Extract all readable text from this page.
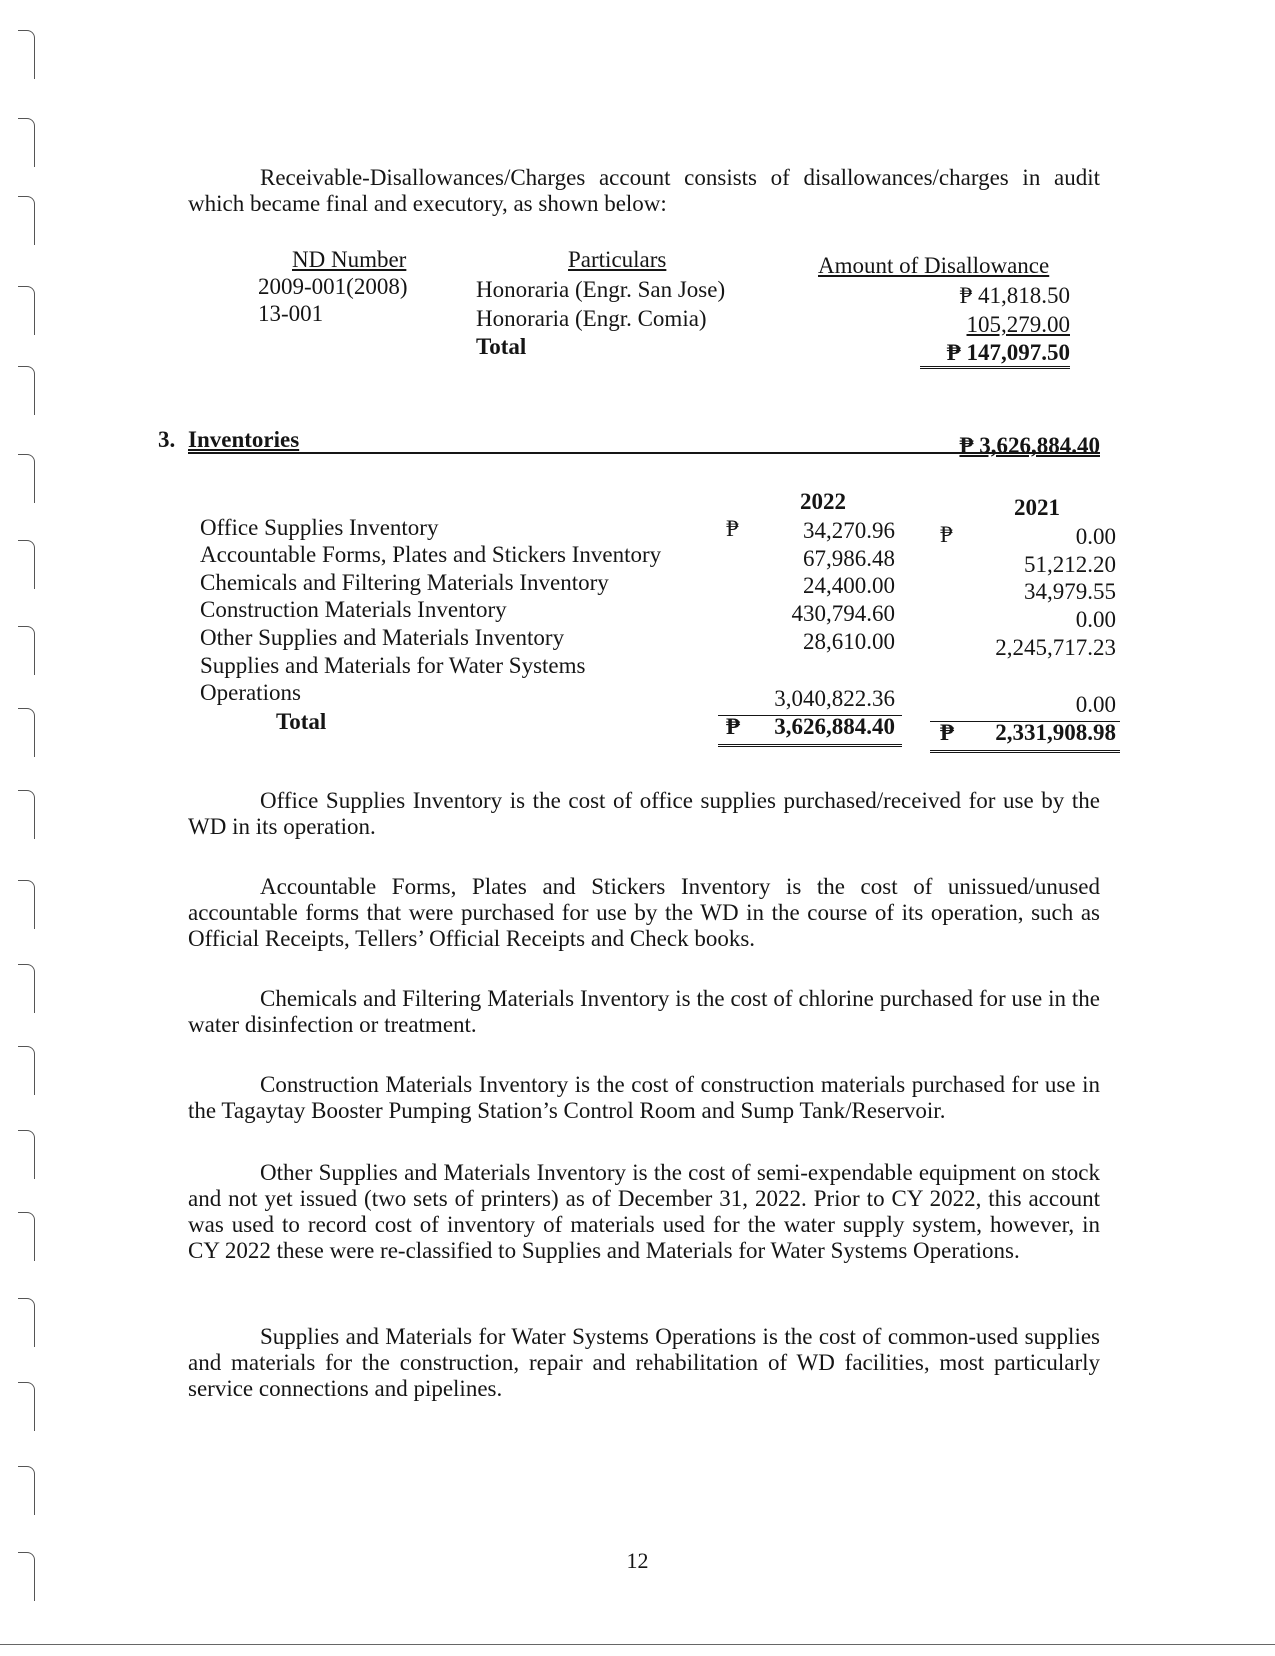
Receivable-Disallowances/Charges account consists of disallowances/charges in audit which became final and executory, as shown below:
ND Number	Particulars	Amount of Disallowance
2009-001(2008)	Honoraria (Engr. San Jose)	₱ 41,818.50
13-001	Honoraria (Engr. Comia)	105,279.00
Total	₱ 147,097.50
3. Inventories	₱ 3,626,884.40
2022	2021
Office Supplies Inventory	₱	34,270.96 ₱	0.00
Accountable Forms, Plates and Stickers Inventory	67,986.48	51,212.20
Chemicals and Filtering Materials Inventory	24,400.00	34,979.55
Construction Materials Inventory	430,794.60	0.00
Other Supplies and Materials Inventory	28,610.00	2,245,717.23
Supplies and Materials for Water Systems
Operations	3,040,822.36	0.00
Total	₱	3,626,884.40 ₱	2,331,908.98
Office Supplies Inventory is the cost of office supplies purchased/received for use by the WD in its operation.
Accountable Forms, Plates and Stickers Inventory is the cost of unissued/unused accountable forms that were purchased for use by the WD in the course of its operation, such as Official Receipts, Tellers’ Official Receipts and Check books.
Chemicals and Filtering Materials Inventory is the cost of chlorine purchased for use in the water disinfection or treatment.
Construction Materials Inventory is the cost of construction materials purchased for use in the Tagaytay Booster Pumping Station’s Control Room and Sump Tank/Reservoir.
Other Supplies and Materials Inventory is the cost of semi-expendable equipment on stock and not yet issued (two sets of printers) as of December 31, 2022. Prior to CY 2022, this account was used to record cost of inventory of materials used for the water supply system, however, in CY 2022 these were re-classified to Supplies and Materials for Water Systems Operations.
Supplies and Materials for Water Systems Operations is the cost of common-used supplies and materials for the construction, repair and rehabilitation of WD facilities, most particularly service connections and pipelines.
12
